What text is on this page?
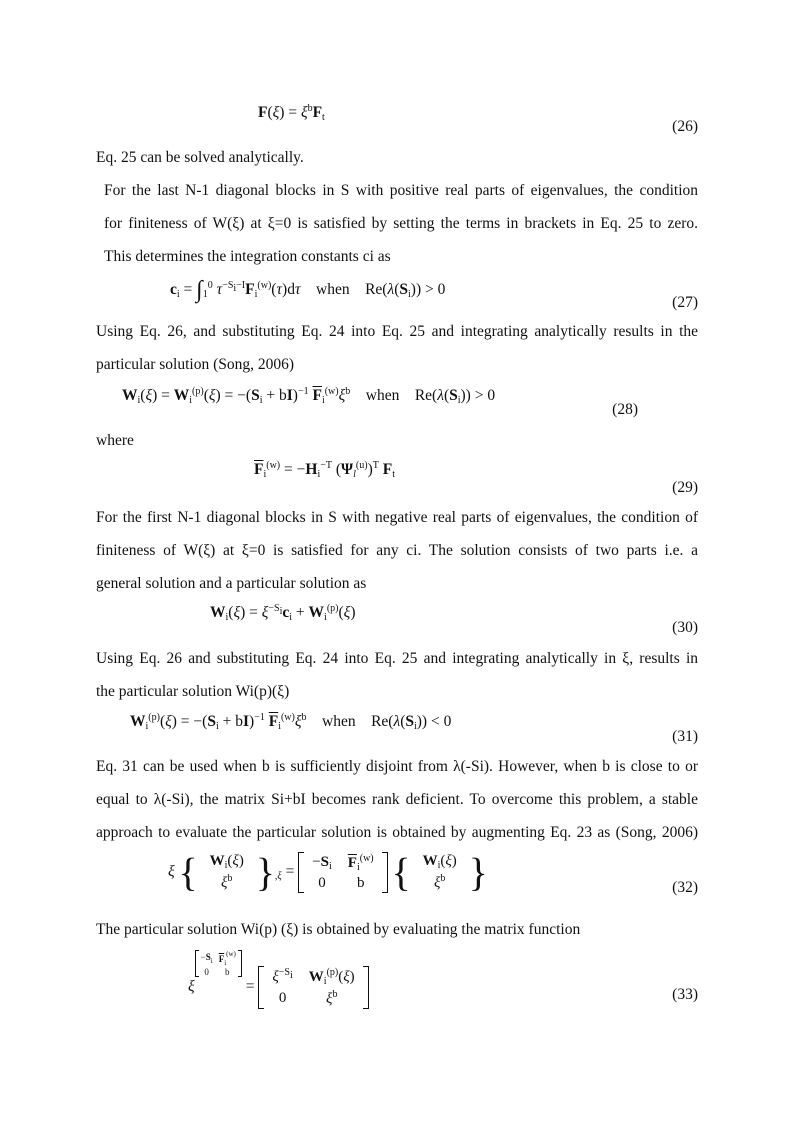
$F(\xi) = \xi^bF_t$
(26)
Eq. 25 can be solved analytically.
For the last N-1 diagonal blocks in S with positive real parts of eigenvalues, the condition
for finiteness of W(ξ) at ξ=0 is satisfied by setting the terms in brackets in Eq. 25 to zero.
This determines the integration constants ci as
$c_i = \int_1^0$ $\tau^{-S_i-I}F_i^{(w)}(\tau)d\tau$ when    $Re(\lambda(S_i)) > 0$
(27)
Using Eq. 26, and substituting Eq. 24 into Eq. 25 and integrating analytically results in the
particular solution (Song, 2006)
$W_i(\xi) = W_i^{(p)}(\xi) = -(S_i + bI)^{-1}$ $\overline{F}_i^{(w)}\xi^b$ when    $Re(\lambda(S_i)) > 0$
(28)
where
$\overline{F}_i^{(w)} = -H_i^{-T}$ $(\Psi_l^{(u)})^T$ $F_t$
(29)
For the first N-1 diagonal blocks in S with negative real parts of eigenvalues, the condition of
finiteness of W(ξ) at ξ=0 is satisfied for any ci. The solution consists of two parts i.e. a
general solution and a particular solution as
$W_i(\xi) = \xi^{-S_i}c_i + W_i^{(p)}(\xi)$
(30)
Using Eq. 26 and substituting Eq. 24 into Eq. 25 and integrating analytically in ξ, results in
the particular solution Wi(p)(ξ)
$W_i^{(p)}(\xi) = -(S_i + bI)^{-1}$ $\overline{F}_i^{(w)}\xi^b$ when    $Re(\lambda(S_i)) < 0$
(31)
Eq. 31 can be used when b is sufficiently disjoint from λ(-Si). However, when b is close to or
equal to λ(-Si), the matrix Si+bI becomes rank deficient. To overcome this problem, a stable
approach to evaluate the particular solution is obtained by augmenting Eq. 23 as (Song, 2006)
ξ { $W_i(\xi)$
$\xi^b$ }$_{,\xi}$ =
$-S_i$	$\overline{F}_i^{(w)}$
0	b { $W_i(\xi)$
$\xi^b$ }	(32)
The particular solution Wi(p) (ξ) is obtained by evaluating the matrix function
ξ
$-S_i$	$\overline{F}_i^{(w)}$
0	b
=
$\xi^{-S_i}$	$W_i^{(p)}(\xi)$
0	$\xi^b$	(33)
